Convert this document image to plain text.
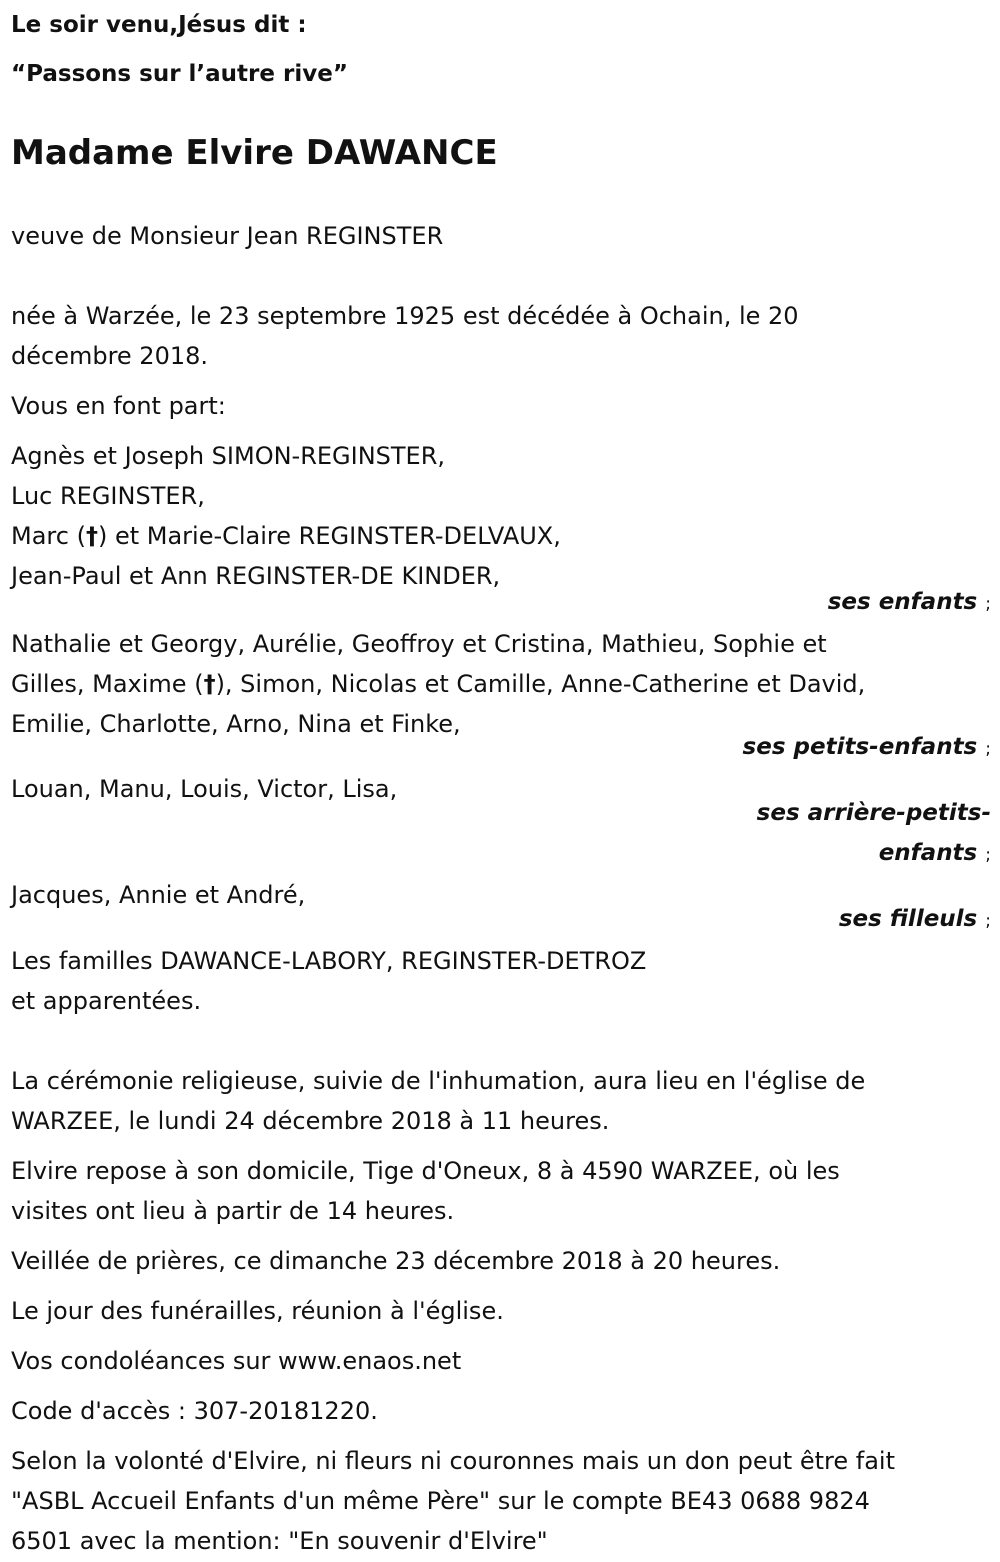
Le soir venu,Jésus dit :

“Passons sur l’autre rive”

Madame Elvire DAWANCE

veuve de Monsieur Jean REGINSTER

née à Warzée, le 23 septembre 1925 est décédée à Ochain, le 20

décembre 2018.

Vous en font part:

Agnès et Joseph SIMON-REGINSTER,

Luc REGINSTER,

Marc (†) et Marie-Claire REGINSTER-DELVAUX,

Jean-Paul et Ann REGINSTER-DE KINDER,

ses enfants ;

Nathalie et Georgy, Aurélie, Geoffroy et Cristina, Mathieu, Sophie et

Gilles, Maxime (†), Simon, Nicolas et Camille, Anne-Catherine et David,

Emilie, Charlotte, Arno, Nina et Finke,

ses petits-enfants ;

Louan, Manu, Louis, Victor, Lisa,

ses arrière-petits-

enfants ;

Jacques, Annie et André,

ses filleuls ;

Les familles DAWANCE-LABORY, REGINSTER-DETROZ

et apparentées.

La cérémonie religieuse, suivie de l'inhumation, aura lieu en l'église de

WARZEE, le lundi 24 décembre 2018 à 11 heures.

Elvire repose à son domicile, Tige d'Oneux, 8 à 4590 WARZEE, où les

visites ont lieu à partir de 14 heures.

Veillée de prières, ce dimanche 23 décembre 2018 à 20 heures.

Le jour des funérailles, réunion à l'église.

Vos condoléances sur www.enaos.net

Code d'accès : 307-20181220.

Selon la volonté d'Elvire, ni fleurs ni couronnes mais un don peut être fait

"ASBL Accueil Enfants d'un même Père" sur le compte BE43 0688 9824

6501 avec la mention: "En souvenir d'Elvire"
